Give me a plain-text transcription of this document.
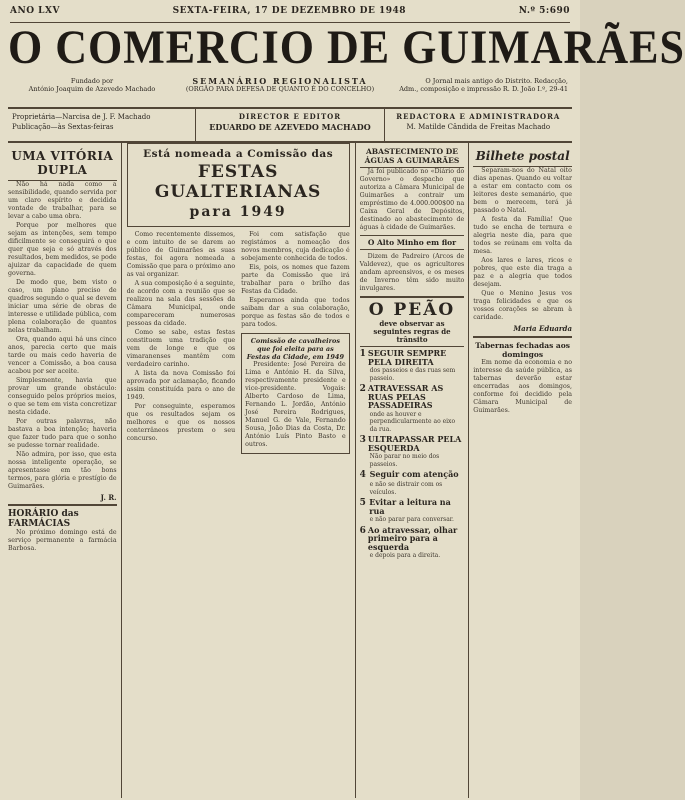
ANO LXV	SEXTA-FEIRA, 17 DE DEZEMBRO DE 1948	N.º 5:690
O COMERCIO DE GUIMARÃES
Fundado por
António Joaquim de Azevedo Machado
SEMANÁRIO REGIONALISTA
(ORGÃO PARA DEFESA DE QUANTO É DO CONCELHO)
O Jornal mais antigo do Distrito. Redacção,
Adm., composição e impressão R. D. João I.º, 29-41
Proprietária—Narcisa de J. F. Machado
Publicação—às Sextas-feiras
DIRECTOR E EDITOR
EDUARDO DE AZEVEDO MACHADO
REDACTORA E ADMINISTRADORA
M. Matilde Cândida de Freitas Machado
UMA VITÓRIA DUPLA

Não há nada como a sensibilidade, quando servida por um claro espírito e decidida vontade de trabalhar, para se levar a cabo uma obra.

Porque por melhores que sejam as intenções, sem tempo dificilmente se conseguirá o que quer que seja e só através dos resultados, bem medidos, se pode ajuizar da capacidade de quem governa.

De modo que, bem visto o caso, um plano preciso de quadros segundo o qual se devem iniciar uma série de obras de interesse e utilidade pública, com plena colaboração de quantos nelas trabalham.

Ora, quando aqui há uns cinco anos, parecia certo que mais tarde ou mais cedo haveria de vencer a Comissão, a boa causa acabou por ser aceite.

Simplesmente, havia que provar um grande obstáculo: conseguido pelos próprios meios, o que se tem em vista concretizar nesta cidade.

Por outras palavras, não bastava a boa intenção; haveria que fazer tudo para que o sonho se pudesse tornar realidade.

Não admira, por isso, que esta nossa inteligente operação, se apresentasse em tão bons termos, para glória e prestígio de Guimarães.

J. R.
HORÁRIO das FARMÁCIAS

No próximo domingo está de serviço permanente a farmácia Barbosa.

Está nomeada a Comissão das
FESTAS GUALTERIANAS
para 1949

Como recentemente dissemos, e com intuito de se darem ao público de Guimarães as suas festas, foi agora nomeada a Comissão que para o próximo ano as vai organizar.

A sua composição é a seguinte, de acordo com a reunião que se realizou na sala das sessões da Câmara Municipal, onde compareceram numerosas pessoas da cidade.

Como se sabe, estas festas constituem uma tradição que vem de longe e que os vimaranenses mantêm com verdadeiro carinho.

A lista da nova Comissão foi aprovada por aclamação, ficando assim constituída para o ano de 1949.

Por conseguinte, esperamos que os resultados sejam os melhores e que os nossos conterrâneos prestem o seu concurso.

Foi com satisfação que registámos a nomeação dos novos membros, cuja dedicação é sobejamente conhecida de todos.

Eis, pois, os nomes que fazem parte da Comissão que irá trabalhar para o brilho das Festas da Cidade.

Esperamos ainda que todos saibam dar a sua colaboração, porque as festas são de todos e para todos.

Comissão de cavalheiros que foi eleita para as Festas da Cidade, em 1949

Presidente: José Pereira de Lima e António H. da Silva, respectivamente presidente e vice-presidente. Vogais: Alberto Cardoso de Lima, Fernando L. Jordão, António José Pereira Rodrigues, Manuel G. de Vale, Fernando Sousa, João Dias da Costa, Dr. António Luís Pinto Basto e outros.

ABASTECIMENTO DE ÁGUAS A GUIMARÃES

Já foi publicado no «Diário do Governo» o despacho que autoriza a Câmara Municipal de Guimarães a contrair um empréstimo de 4.000.000$00 na Caixa Geral de Depósitos, destinado ao abastecimento de águas à cidade de Guimarães.

O Alto Minho em flor

Dizem de Padreiro (Arcos de Valdevez), que os agricultores andam apreensivos, e os meses de Inverno têm sido muito invulgares.

O PEÃO
deve observar as seguintes regras de trânsito
1 SEGUIR SEMPRE PELA DIREITA
dos passeios e das ruas sem passeio.
2 ATRAVESSAR AS RUAS PELAS PASSADEIRAS
onde as houver e perpendicularmente ao eixo da rua.
3 ULTRAPASSAR PELA ESQUERDA
Não parar no meio dos passeios.
4 Seguir com atenção
e não se distrair com os veículos.
5 Evitar a leitura na rua
e não parar para conversar.
6 Ao atravessar, olhar primeiro para a esquerda
e depois para a direita.
Bilhete postal

Separam-nos do Natal oito dias apenas. Quando eu voltar a estar em contacto com os leitores deste semanário, que bem o merecem, terá já passado o Natal.

A festa da Família! Que tudo se encha de ternura e alegria neste dia, para que todos se reúnam em volta da mesa.

Aos lares e lares, ricos e pobres, que este dia traga a paz e a alegria que todos desejam.

Que o Menino Jesus vos traga felicidades e que os vossos corações se abram à caridade.

Maria Eduarda
Tabernas fechadas aos domingos

Em nome da economia e no interesse da saúde pública, as tabernas deverão estar encerradas aos domingos, conforme foi decidido pela Câmara Municipal de Guimarães.
